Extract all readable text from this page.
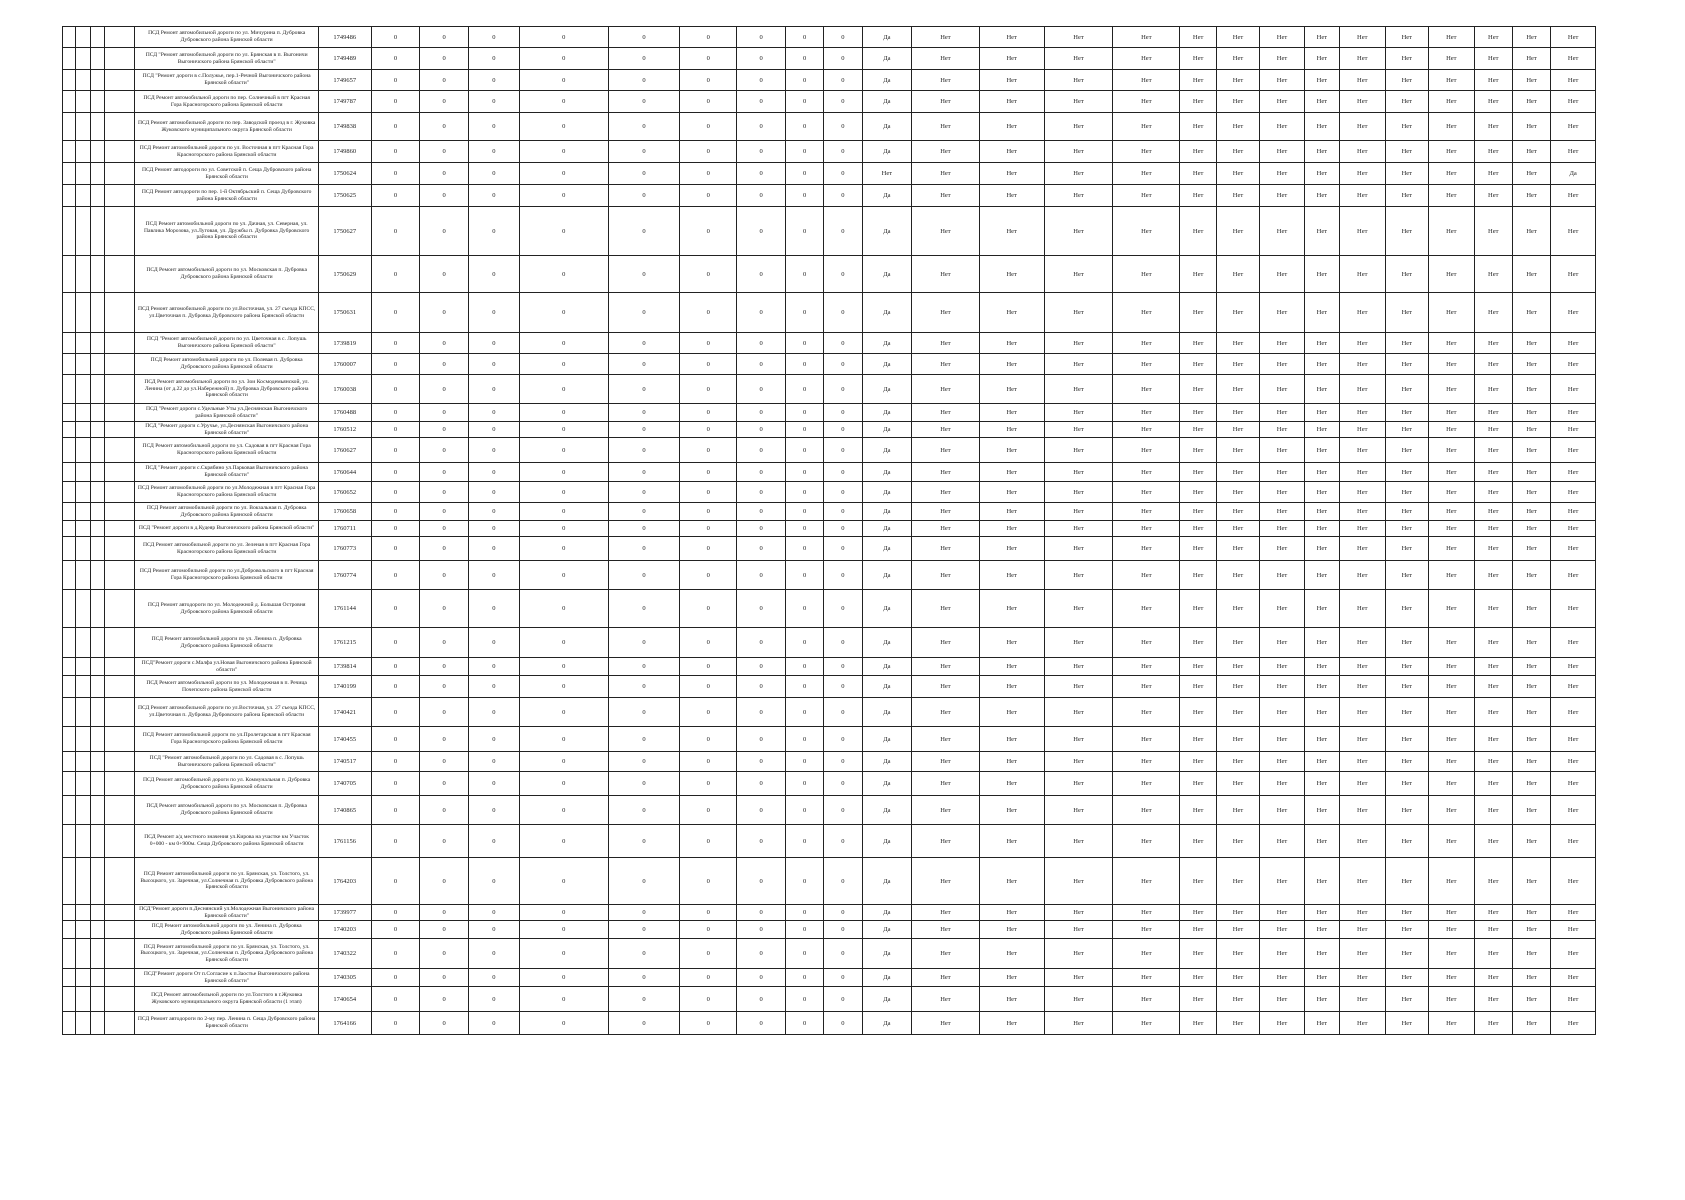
				ПСД Ремонт автомобильной дороги по ул. Мичурина п. Дубровка Дубровского района Брянской области	1749486	0	0	0	0	0	0	0	0	0	Да	Нет	Нет	Нет	Нет	Нет	Нет	Нет	Нет	Нет	Нет	Нет	Нет	Нет	Нет
				ПСД "Ремонт автомобильной дороги по ул. Брянская в п. Выгоничи Выгоничского района Брянской области"	1749489	0	0	0	0	0	0	0	0	0	Да	Нет	Нет	Нет	Нет	Нет	Нет	Нет	Нет	Нет	Нет	Нет	Нет	Нет	Нет
				ПСД "Ремонт дороги в с.Полужье, пер.1-Речной Выгоничского района Брянской области"	1749657	0	0	0	0	0	0	0	0	0	Да	Нет	Нет	Нет	Нет	Нет	Нет	Нет	Нет	Нет	Нет	Нет	Нет	Нет	Нет
				ПСД Ремонт автомобильной дороги по пер. Солнечный в пгт Красная Гора Красногорского района Брянской области	1749787	0	0	0	0	0	0	0	0	0	Да	Нет	Нет	Нет	Нет	Нет	Нет	Нет	Нет	Нет	Нет	Нет	Нет	Нет	Нет
				ПСД Ремонт автомобильной дороги по пер. Заводской проезд в г. Жуковка Жуковского муниципального округа Брянской области	1749838	0	0	0	0	0	0	0	0	0	Да	Нет	Нет	Нет	Нет	Нет	Нет	Нет	Нет	Нет	Нет	Нет	Нет	Нет	Нет
				ПСД Ремонт автомобильной дороги по ул. Восточная в пгт Красная Гора Красногорского района Брянской области	1749860	0	0	0	0	0	0	0	0	0	Да	Нет	Нет	Нет	Нет	Нет	Нет	Нет	Нет	Нет	Нет	Нет	Нет	Нет	Нет
				ПСД Ремонт автодороги по ул. Советской п. Сеща Дубровского района Брянской области	1750624	0	0	0	0	0	0	0	0	0	Нет	Нет	Нет	Нет	Нет	Нет	Нет	Нет	Нет	Нет	Нет	Нет	Нет	Нет	Да
				ПСД Ремонт автодороги по пер. 1-й Октябрьский п. Сеща Дубровского района Брянской области	1750625	0	0	0	0	0	0	0	0	0	Да	Нет	Нет	Нет	Нет	Нет	Нет	Нет	Нет	Нет	Нет	Нет	Нет	Нет	Нет
				ПСД Ремонт автомобильной дороги по ул. Дачная, ул. Северная, ул. Павлика Морозова, ул.Луговая, ул. Дружбы п. Дубровка Дубровского района Брянской области	1750627	0	0	0	0	0	0	0	0	0	Да	Нет	Нет	Нет	Нет	Нет	Нет	Нет	Нет	Нет	Нет	Нет	Нет	Нет	Нет
				ПСД Ремонт автомобильной дороги по ул. Московская п. Дубровка Дубровского района Брянской области	1750629	0	0	0	0	0	0	0	0	0	Да	Нет	Нет	Нет	Нет	Нет	Нет	Нет	Нет	Нет	Нет	Нет	Нет	Нет	Нет
				ПСД Ремонт автомобильной дороги по ул.Восточная, ул. 27 съезда КПСС, ул.Цветочная п. Дубровка Дубровского района Брянской области	1750631	0	0	0	0	0	0	0	0	0	Да	Нет	Нет	Нет	Нет	Нет	Нет	Нет	Нет	Нет	Нет	Нет	Нет	Нет	Нет
				ПСД "Ремонт автомобильной дороги по ул. Цветочная в с. Лопушь Выгоничского района Брянской области"	1739819	0	0	0	0	0	0	0	0	0	Да	Нет	Нет	Нет	Нет	Нет	Нет	Нет	Нет	Нет	Нет	Нет	Нет	Нет	Нет
				ПСД Ремонт автомобильной дороги по ул. Полевая п. Дубровка Дубровского района Брянской области	1760007	0	0	0	0	0	0	0	0	0	Да	Нет	Нет	Нет	Нет	Нет	Нет	Нет	Нет	Нет	Нет	Нет	Нет	Нет	Нет
				ПСД Ремонт автомобильной дороги по ул. Зои Космодемьянской, ул. Ленина (от д.22 до ул.Набережной) п. Дубровка Дубровского района Брянской области	1760038	0	0	0	0	0	0	0	0	0	Да	Нет	Нет	Нет	Нет	Нет	Нет	Нет	Нет	Нет	Нет	Нет	Нет	Нет	Нет
				ПСД "Ремонт дороги с.Удельные Уты ул.Деснянская Выгоничского района Брянской области"	1760488	0	0	0	0	0	0	0	0	0	Да	Нет	Нет	Нет	Нет	Нет	Нет	Нет	Нет	Нет	Нет	Нет	Нет	Нет	Нет
				ПСД "Ремонт дороги с.Уручье, ул.Деснянская Выгоничского района Брянской области"	1760512	0	0	0	0	0	0	0	0	0	Да	Нет	Нет	Нет	Нет	Нет	Нет	Нет	Нет	Нет	Нет	Нет	Нет	Нет	Нет
				ПСД Ремонт автомобильной дороги по ул. Садовая в пгт Красная Гора Красногорского района Брянской области	1760627	0	0	0	0	0	0	0	0	0	Да	Нет	Нет	Нет	Нет	Нет	Нет	Нет	Нет	Нет	Нет	Нет	Нет	Нет	Нет
				ПСД "Ремонт дороги с.Скрябино ул.Парковая Выгоничского района Брянской области"	1760644	0	0	0	0	0	0	0	0	0	Да	Нет	Нет	Нет	Нет	Нет	Нет	Нет	Нет	Нет	Нет	Нет	Нет	Нет	Нет
				ПСД Ремонт автомобильной дороги по ул.Молодежная в пгт Красная Гора Красногорского района Брянской области	1760652	0	0	0	0	0	0	0	0	0	Да	Нет	Нет	Нет	Нет	Нет	Нет	Нет	Нет	Нет	Нет	Нет	Нет	Нет	Нет
				ПСД Ремонт автомобильной дороги по ул. Вокзальная п. Дубровка Дубровского района Брянской области	1760658	0	0	0	0	0	0	0	0	0	Да	Нет	Нет	Нет	Нет	Нет	Нет	Нет	Нет	Нет	Нет	Нет	Нет	Нет	Нет
				ПСД "Ремонт дороги в д.Кудеяр Выгоничского района Брянской области"	1760711	0	0	0	0	0	0	0	0	0	Да	Нет	Нет	Нет	Нет	Нет	Нет	Нет	Нет	Нет	Нет	Нет	Нет	Нет	Нет
				ПСД Ремонт автомобильной дороги по ул. Зеленая в пгт Красная Гора Красногорского района Брянской области	1760773	0	0	0	0	0	0	0	0	0	Да	Нет	Нет	Нет	Нет	Нет	Нет	Нет	Нет	Нет	Нет	Нет	Нет	Нет	Нет
				ПСД Ремонт автомобильной дороги по ул.Добровольского в пгт Красная Гора Красногорского района Брянской области	1760774	0	0	0	0	0	0	0	0	0	Да	Нет	Нет	Нет	Нет	Нет	Нет	Нет	Нет	Нет	Нет	Нет	Нет	Нет	Нет
				ПСД Ремонт автодороги по ул. Молодежной д. Большая Островня Дубровского района Брянской области	1761144	0	0	0	0	0	0	0	0	0	Да	Нет	Нет	Нет	Нет	Нет	Нет	Нет	Нет	Нет	Нет	Нет	Нет	Нет	Нет
				ПСД Ремонт автомобильной дороги по ул. Ленина п. Дубровка Дубровского района Брянской области	1761215	0	0	0	0	0	0	0	0	0	Да	Нет	Нет	Нет	Нет	Нет	Нет	Нет	Нет	Нет	Нет	Нет	Нет	Нет	Нет
				ПСД"Ремонт дороги с.Малфа ул.Новая Выгоничского района Брянской области"	1739814	0	0	0	0	0	0	0	0	0	Да	Нет	Нет	Нет	Нет	Нет	Нет	Нет	Нет	Нет	Нет	Нет	Нет	Нет	Нет
				ПСД Ремонт автомобильной дороги по ул. Молодежная в п. Речица Почепского района Брянской области	1740199	0	0	0	0	0	0	0	0	0	Да	Нет	Нет	Нет	Нет	Нет	Нет	Нет	Нет	Нет	Нет	Нет	Нет	Нет	Нет
				ПСД Ремонт автомобильной дороги по ул.Восточная, ул. 27 съезда КПСС, ул.Цветочная п. Дубровка Дубровского района Брянской области	1740421	0	0	0	0	0	0	0	0	0	Да	Нет	Нет	Нет	Нет	Нет	Нет	Нет	Нет	Нет	Нет	Нет	Нет	Нет	Нет
				ПСД Ремонт автомобильной дороги по ул.Пролетарская в пгт Красная Гора Красногорского района Брянской области	1740455	0	0	0	0	0	0	0	0	0	Да	Нет	Нет	Нет	Нет	Нет	Нет	Нет	Нет	Нет	Нет	Нет	Нет	Нет	Нет
				ПСД "Ремонт автомобильной дороги по ул. Садовая в с. Лопушь Выгоничского района Брянской области"	1740517	0	0	0	0	0	0	0	0	0	Да	Нет	Нет	Нет	Нет	Нет	Нет	Нет	Нет	Нет	Нет	Нет	Нет	Нет	Нет
				ПСД Ремонт автомобильной дороги по ул. Коммунальная п. Дубровка Дубровского района Брянской области	1740705	0	0	0	0	0	0	0	0	0	Да	Нет	Нет	Нет	Нет	Нет	Нет	Нет	Нет	Нет	Нет	Нет	Нет	Нет	Нет
				ПСД Ремонт автомобильной дороги по ул. Московская п. Дубровка Дубровского района Брянской области	1740865	0	0	0	0	0	0	0	0	0	Да	Нет	Нет	Нет	Нет	Нет	Нет	Нет	Нет	Нет	Нет	Нет	Нет	Нет	Нет
				ПСД Ремонт а/д местного значения ул.Кирова на участке км Участок 0+000 - км 0+900м. Сеща Дубровского района Брянской области	1761156	0	0	0	0	0	0	0	0	0	Да	Нет	Нет	Нет	Нет	Нет	Нет	Нет	Нет	Нет	Нет	Нет	Нет	Нет	Нет
				ПСД Ремонт автомобильной дороги по ул. Брянская, ул. Толстого, ул. Высоцкого, ул. Заречная, ул.Солнечная п. Дубровка Дубровского района Брянской области	1764203	0	0	0	0	0	0	0	0	0	Да	Нет	Нет	Нет	Нет	Нет	Нет	Нет	Нет	Нет	Нет	Нет	Нет	Нет	Нет
				ПСД"Ремонт дороги п.Деснянский ул.Молодежная Выгоничского района Брянской области"	1739977	0	0	0	0	0	0	0	0	0	Да	Нет	Нет	Нет	Нет	Нет	Нет	Нет	Нет	Нет	Нет	Нет	Нет	Нет	Нет
				ПСД Ремонт автомобильной дороги по ул. Ленина п. Дубровка Дубровского района Брянской области	1740203	0	0	0	0	0	0	0	0	0	Да	Нет	Нет	Нет	Нет	Нет	Нет	Нет	Нет	Нет	Нет	Нет	Нет	Нет	Нет
				ПСД Ремонт автомобильной дороги по ул. Брянская, ул. Толстого, ул. Высоцкого, ул. Заречная, ул.Солнечная п. Дубровка Дубровского района Брянской области	1740322	0	0	0	0	0	0	0	0	0	Да	Нет	Нет	Нет	Нет	Нет	Нет	Нет	Нет	Нет	Нет	Нет	Нет	Нет	Нет
				ПСД"Ремонт дороги От п.Согласие к п.Заостье Выгоничского района Брянской области"	1740305	0	0	0	0	0	0	0	0	0	Да	Нет	Нет	Нет	Нет	Нет	Нет	Нет	Нет	Нет	Нет	Нет	Нет	Нет	Нет
				ПСД Ремонт автомобильной дороги по ул.Толстого в г.Жуковка Жуковского муниципального округа Брянской области (1 этап)	1740654	0	0	0	0	0	0	0	0	0	Да	Нет	Нет	Нет	Нет	Нет	Нет	Нет	Нет	Нет	Нет	Нет	Нет	Нет	Нет
				ПСД Ремонт автодороги по 2-му пер. Ленина п. Сеща Дубровского района Брянской области	1764166	0	0	0	0	0	0	0	0	0	Да	Нет	Нет	Нет	Нет	Нет	Нет	Нет	Нет	Нет	Нет	Нет	Нет	Нет	Нет
